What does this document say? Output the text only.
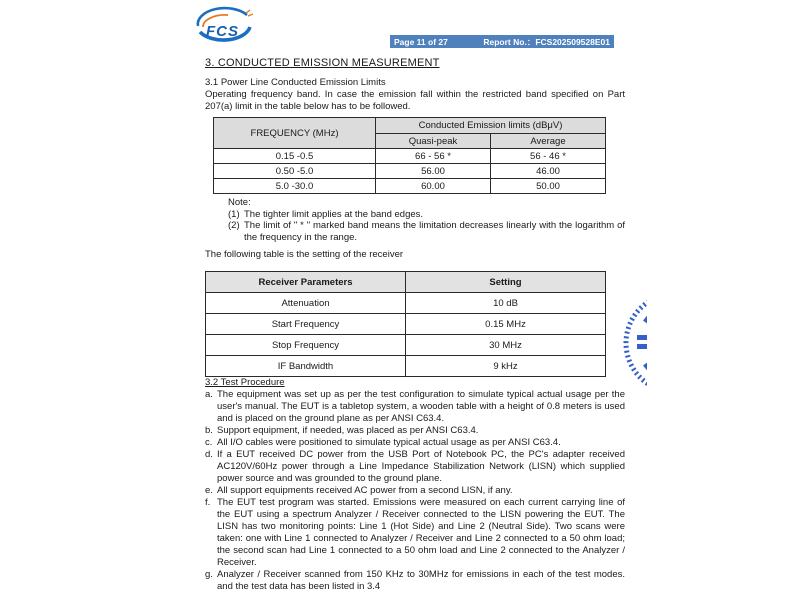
FCS
Page 11 of 27	Report No.：FCS202509528E01
3. CONDUCTED EMISSION MEASUREMENT
3.1 Power Line Conducted Emission Limits
Operating frequency band. In case the emission fall within the restricted band specified on Part 207(a) limit in the table below has to be followed.
FREQUENCY (MHz)	Conducted Emission limits (dBμV)	
	Quasi-peak	Average
0.15 -0.5	66 - 56 *	56 - 46 *
0.50 -5.0	56.00	46.00
5.0 -30.0	60.00	50.00
Note:
(1) The tighter limit applies at the band edges.
(2) The limit of " * " marked band means the limitation decreases linearly with the logarithm of the frequency in the range.
The following table is the setting of the receiver
Receiver Parameters	Setting
Attenuation	10 dB
Start Frequency	0.15 MHz
Stop Frequency	30 MHz
IF Bandwidth	9 kHz
3.2 Test Procedure
a. The equipment was set up as per the test configuration to simulate typical actual usage per the user's manual. The EUT is a tabletop system, a wooden table with a height of 0.8 meters is used and is placed on the ground plane as per ANSI C63.4.
b. Support equipment, if needed, was placed as per ANSI C63.4.
c. All I/O cables were positioned to simulate typical actual usage as per ANSI C63.4.
d. If a EUT received DC power from the USB Port of Notebook PC, the PC's adapter received AC120V/60Hz power through a Line Impedance Stabilization Network (LISN) which supplied power source and was grounded to the ground plane.
e. All support equipments received AC power from a second LISN, if any.
f. The EUT test program was started. Emissions were measured on each current carrying line of the EUT using a spectrum Analyzer / Receiver connected to the LISN powering the EUT. The LISN has two monitoring points: Line 1 (Hot Side) and Line 2 (Neutral Side). Two scans were taken: one with Line 1 connected to Analyzer / Receiver and Line 2 connected to a 50 ohm load; the second scan had Line 1 connected to a 50 ohm load and Line 2 connected to the Analyzer / Receiver.
g. Analyzer / Receiver scanned from 150 KHz to 30MHz for emissions in each of the test modes. and the test data has been listed in 3.4
